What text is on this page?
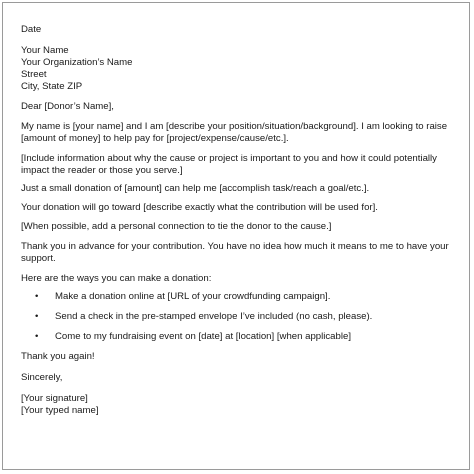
Date
Your Name
Your Organization’s Name
Street
City, State ZIP
Dear [Donor’s Name],
My name is [your name] and I am [describe your position/situation/background]. I am looking to raise [amount of money] to help pay for [project/expense/cause/etc.].
[Include information about why the cause or project is important to you and how it could potentially impact the reader or those you serve.]
Just a small donation of [amount] can help me [accomplish task/reach a goal/etc.].
Your donation will go toward [describe exactly what the contribution will be used for].
[When possible, add a personal connection to tie the donor to the cause.]
Thank you in advance for your contribution. You have no idea how much it means to me to have your support.
Here are the ways you can make a donation:
• Make a donation online at [URL of your crowdfunding campaign].
• Send a check in the pre-stamped envelope I’ve included (no cash, please).
• Come to my fundraising event on [date] at [location] [when applicable]
Thank you again!
Sincerely,
[Your signature]
[Your typed name]
